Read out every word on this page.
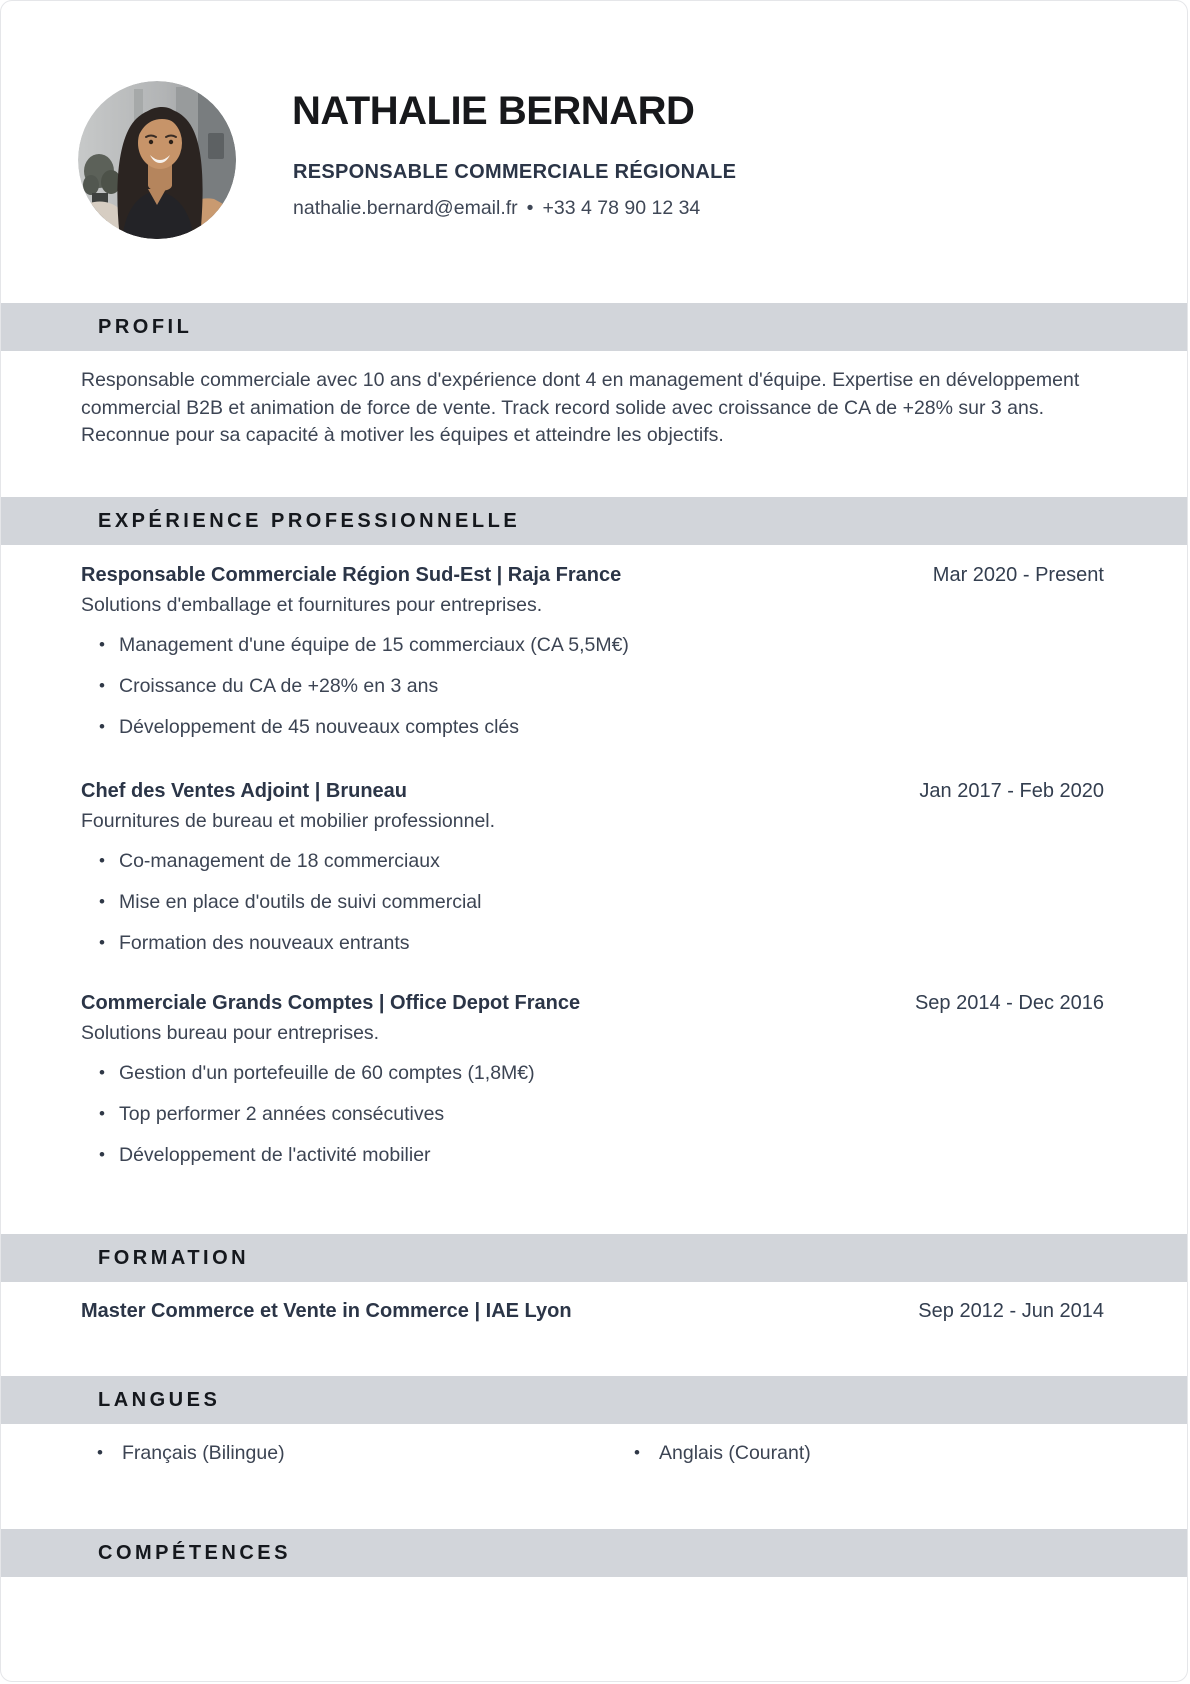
NATHALIE BERNARD
RESPONSABLE COMMERCIALE RÉGIONALE
nathalie.bernard@email.fr • +33 4 78 90 12 34
PROFIL

Responsable commerciale avec 10 ans d'expérience dont 4 en management d'équipe. Expertise en développement commercial B2B et animation de force de vente. Track record solide avec croissance de CA de +28% sur 3 ans. Reconnue pour sa capacité à motiver les équipes et atteindre les objectifs.

EXPÉRIENCE PROFESSIONNELLE
Responsable Commerciale Région Sud-Est | Raja France	Mar 2020 - Present
Solutions d'emballage et fournitures pour entreprises.
• Management d'une équipe de 15 commerciaux (CA 5,5M€)
• Croissance du CA de +28% en 3 ans
• Développement de 45 nouveaux comptes clés
Chef des Ventes Adjoint | Bruneau	Jan 2017 - Feb 2020
Fournitures de bureau et mobilier professionnel.
• Co-management de 18 commerciaux
• Mise en place d'outils de suivi commercial
• Formation des nouveaux entrants
Commerciale Grands Comptes | Office Depot France	Sep 2014 - Dec 2016
Solutions bureau pour entreprises.
• Gestion d'un portefeuille de 60 comptes (1,8M€)
• Top performer 2 années consécutives
• Développement de l'activité mobilier
FORMATION
Master Commerce et Vente in Commerce | IAE Lyon	Sep 2012 - Jun 2014
LANGUES
• Français (Bilingue)	• Anglais (Courant)
COMPÉTENCES
